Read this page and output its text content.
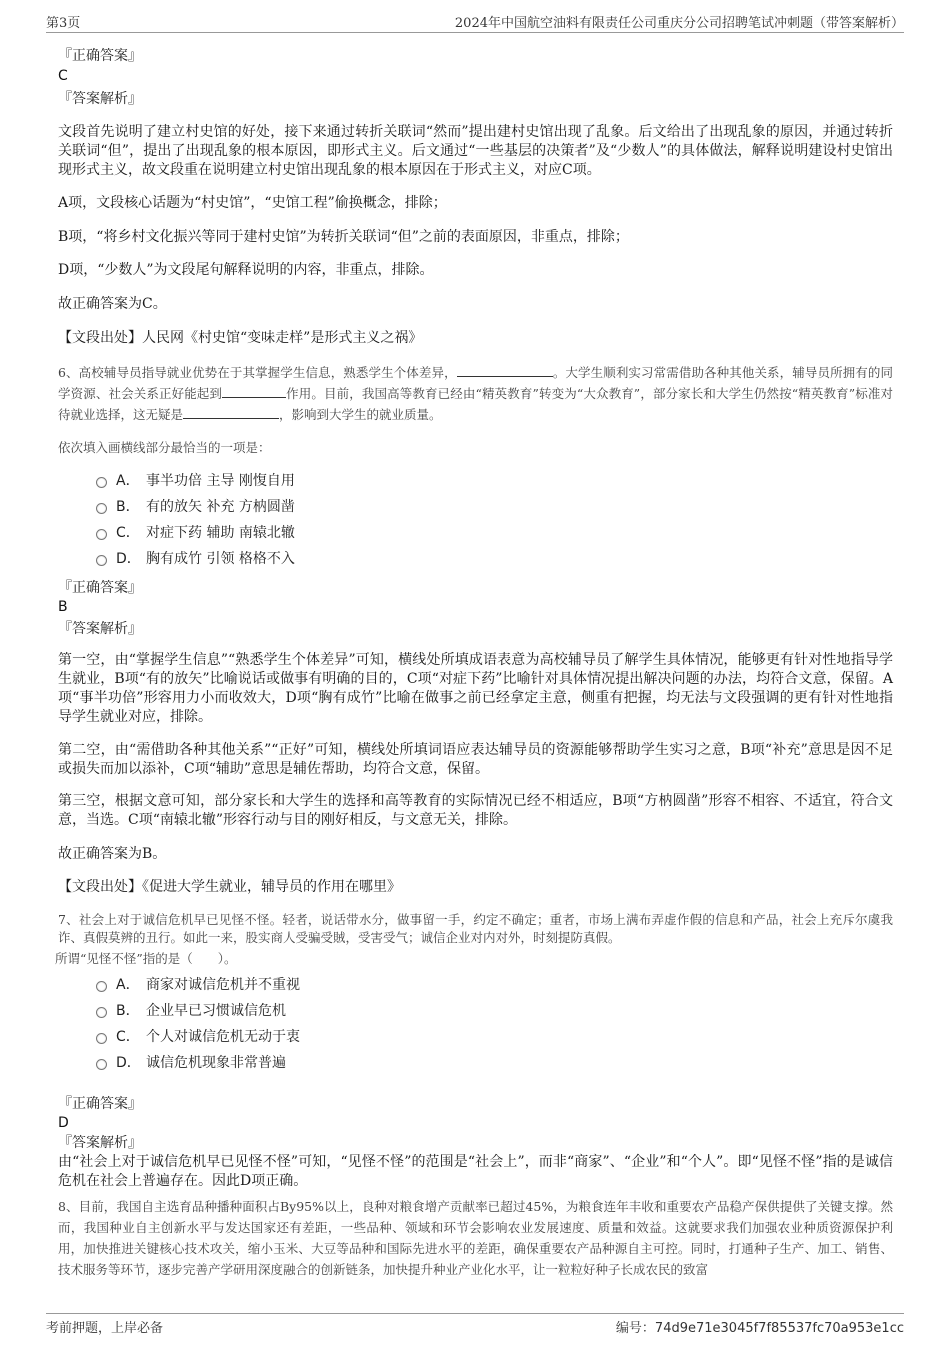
第3页	2024年中国航空油料有限责任公司重庆分公司招聘笔试冲刺题（带答案解析）
『正确答案』
C
『答案解析』

文段首先说明了建立村史馆的好处，接下来通过转折关联词“然而”提出建村史馆出现了乱象。后文给出了出现乱象的原因，并通过转折关联词“但”，提出了出现乱象的根本原因，即形式主义。后文通过“一些基层的决策者”及“少数人”的具体做法，解释说明建设村史馆出现形式主义，故文段重在说明建立村史馆出现乱象的根本原因在于形式主义，对应C项。

A项，文段核心话题为“村史馆”，“史馆工程”偷换概念，排除；

B项，“将乡村文化振兴等同于建村史馆”为转折关联词“但”之前的表面原因，非重点，排除；

D项，“少数人”为文段尾句解释说明的内容，非重点，排除。

故正确答案为C。

【文段出处】人民网《村史馆“变味走样”是形式主义之祸》

6、高校辅导员指导就业优势在于其掌握学生信息，熟悉学生个体差异，	。大学生顺利实习常需借助各种其他关系，辅导员所拥有的同学资源、社会关系正好能起到	作用。目前，我国高等教育已经由“精英教育”转变为“大众教育”，部分家长和大学生仍然按“精英教育”标准对待就业选择，这无疑是	，影响到大学生的就业质量。

依次填入画横线部分最恰当的一项是：
A． 事半功倍 主导 刚愎自用
B． 有的放矢 补充 方枘圆凿
C． 对症下药 辅助 南辕北辙
D． 胸有成竹 引领 格格不入
『正确答案』
B
『答案解析』

第一空，由“掌握学生信息”“熟悉学生个体差异”可知，横线处所填成语表意为高校辅导员了解学生具体情况，能够更有针对性地指导学生就业，B项“有的放矢”比喻说话或做事有明确的目的，C项“对症下药”比喻针对具体情况提出解决问题的办法，均符合文意，保留。A项“事半功倍”形容用力小而收效大，D项“胸有成竹”比喻在做事之前已经拿定主意，侧重有把握，均无法与文段强调的更有针对性地指导学生就业对应，排除。

第二空，由“需借助各种其他关系”“正好”可知，横线处所填词语应表达辅导员的资源能够帮助学生实习之意，B项“补充”意思是因不足或损失而加以添补，C项“辅助”意思是辅佐帮助，均符合文意，保留。

第三空，根据文意可知，部分家长和大学生的选择和高等教育的实际情况已经不相适应，B项“方枘圆凿”形容不相容、不适宜，符合文意，当选。C项“南辕北辙”形容行动与目的刚好相反，与文意无关，排除。

故正确答案为B。

【文段出处】《促进大学生就业，辅导员的作用在哪里》

7、社会上对于诚信危机早已见怪不怪。轻者，说话带水分，做事留一手，约定不确定；重者，市场上满布弄虚作假的信息和产品，社会上充斥尔虞我诈、真假莫辨的丑行。如此一来，股实商人受骗受賊，受害受气；诚信企业对内对外，时刻提防真假。

所谓“见怪不怪”指的是（　　）。
A． 商家对诚信危机并不重视
B． 企业早已习惯诚信危机
C． 个人对诚信危机无动于衷
D． 诚信危机现象非常普遍
『正确答案』
D
『答案解析』

由“社会上对于诚信危机早已见怪不怪”可知，“见怪不怪”的范围是“社会上”，而非“商家”、“企业”和“个人”。即“见怪不怪”指的是诚信危机在社会上普遍存在。因此D项正确。

8、目前，我国自主选育品种播种面积占By95%以上，良种对粮食增产贡献率已超过45%，为粮食连年丰收和重要农产品稳产保供提供了关键支撑。然而，我国种业自主创新水平与发达国家还有差距，一些品种、领域和环节会影响农业发展速度、质量和效益。这就要求我们加强农业种质资源保护利用，加快推进关键核心技术攻关，缩小玉米、大豆等品种和国际先进水平的差距，确保重要农产品种源自主可控。同时，打通种子生产、加工、销售、技术服务等环节，逐步完善产学研用深度融合的创新链条，加快提升种业产业化水平，让一粒粒好种子长成农民的致富

考前押题，上岸必备	编号：74d9e71e3045f7f85537fc70a953e1cc
